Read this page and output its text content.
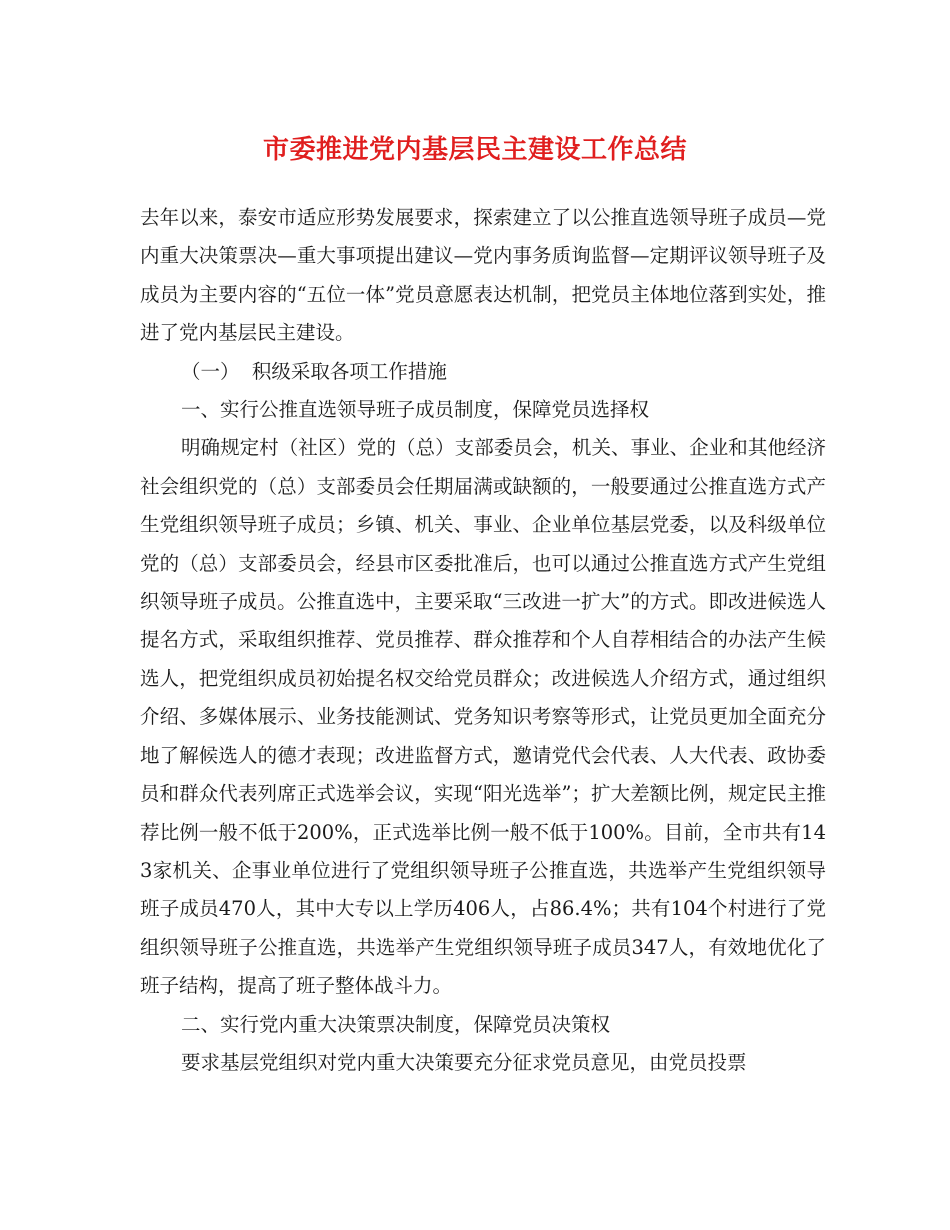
市委推进党内基层民主建设工作总结

去年以来，泰安市适应形势发展要求，探索建立了以公推直选领导班子成员—党内重大决策票决—重大事项提出建议—党内事务质询监督—定期评议领导班子及成员为主要内容的“五位一体”党员意愿表达机制，把党员主体地位落到实处，推进了党内基层民主建设。

（一）  积级采取各项工作措施

一、实行公推直选领导班子成员制度，保障党员选择权

明确规定村（社区）党的（总）支部委员会，机关、事业、企业和其他经济社会组织党的（总）支部委员会任期届满或缺额的，一般要通过公推直选方式产生党组织领导班子成员；乡镇、机关、事业、企业单位基层党委，以及科级单位党的（总）支部委员会，经县市区委批准后，也可以通过公推直选方式产生党组织领导班子成员。公推直选中，主要采取“三改进一扩大”的方式。即改进候选人提名方式，采取组织推荐、党员推荐、群众推荐和个人自荐相结合的办法产生候选人，把党组织成员初始提名权交给党员群众；改进候选人介绍方式，通过组织介绍、多媒体展示、业务技能测试、党务知识考察等形式，让党员更加全面充分地了解候选人的德才表现；改进监督方式，邀请党代会代表、人大代表、政协委员和群众代表列席正式选举会议，实现“阳光选举”；扩大差额比例，规定民主推荐比例一般不低于200%，正式选举比例一般不低于100%。目前，全市共有143家机关、企事业单位进行了党组织领导班子公推直选，共选举产生党组织领导班子成员470人，其中大专以上学历406人，占86.4%；共有104个村进行了党组织领导班子公推直选，共选举产生党组织领导班子成员347人，有效地优化了班子结构，提高了班子整体战斗力。

二、实行党内重大决策票决制度，保障党员决策权

要求基层党组织对党内重大决策要充分征求党员意见，由党员投票
